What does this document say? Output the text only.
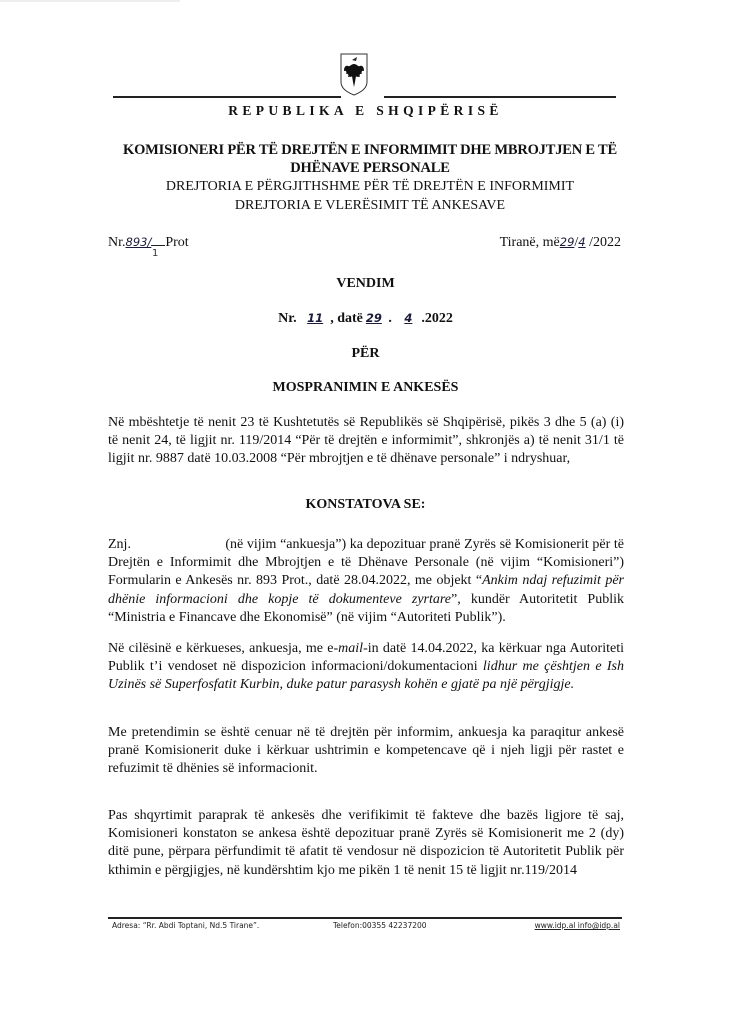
REPUBLIKA E SHQIPËRISË
KOMISIONERI PËR TË DREJTËN E INFORMIMIT DHE MBROJTJEN E TË
DHËNAVE PERSONALE
DREJTORIA E PËRGJITHSHME PËR TË DREJTËN E INFORMIMIT
DREJTORIA E VLERËSIMIT TË ANKESAVE
Nr.893/ Prot
1
Tiranë, më29/4 /2022
VENDIM
Nr. 11 , datë 29 . 4 .2022
PËR
MOSPRANIMIN E ANKESËS
Në mbështetje të nenit 23 të Kushtetutës së Republikës së Shqipërisë, pikës 3 dhe 5 (a) (i) të nenit 24, të ligjit nr. 119/2014 “Për të drejtën e informimit”, shkronjës a) të nenit 31/1 të ligjit nr. 9887 datë 10.03.2008 “Për mbrojtjen e të dhënave personale” i ndryshuar,
KONSTATOVA SE:
Znj.                          (në vijim “ankuesja”) ka depozituar pranë Zyrës së Komisionerit për të Drejtën e Informimit dhe Mbrojtjen e të Dhënave Personale (në vijim “Komisioneri”) Formularin e Ankesës nr. 893 Prot., datë 28.04.2022, me objekt “Ankim ndaj refuzimit për dhënie informacioni dhe kopje të dokumenteve zyrtare”, kundër Autoritetit Publik “Ministria e Financave dhe Ekonomisë” (në vijim “Autoriteti Publik”).
Në cilësinë e kërkueses, ankuesja, me e-mail-in datë 14.04.2022, ka kërkuar nga Autoriteti Publik t’i vendoset në dispozicion informacioni/dokumentacioni lidhur me çështjen e Ish Uzinës së Superfosfatit Kurbin, duke patur parasysh kohën e gjatë pa një përgjigje.
Me pretendimin se është cenuar në të drejtën për informim, ankuesja ka paraqitur ankesë pranë Komisionerit duke i kërkuar ushtrimin e kompetencave që i njeh ligji për rastet e refuzimit të dhënies së informacionit.
Pas shqyrtimit paraprak të ankesës dhe verifikimit të fakteve dhe bazës ligjore të saj, Komisioneri konstaton se ankesa është depozituar pranë Zyrës së Komisionerit me 2 (dy) ditë pune, përpara përfundimit të afatit të vendosur në dispozicion të Autoritetit Publik për kthimin e përgjigjes, në kundërshtim kjo me pikën 1 të nenit 15 të ligjit nr.119/2014
Adresa: “Rr. Abdi Toptani, Nd.5 Tirane”.	Telefon:00355 42237200	www.idp.al info@idp.al
